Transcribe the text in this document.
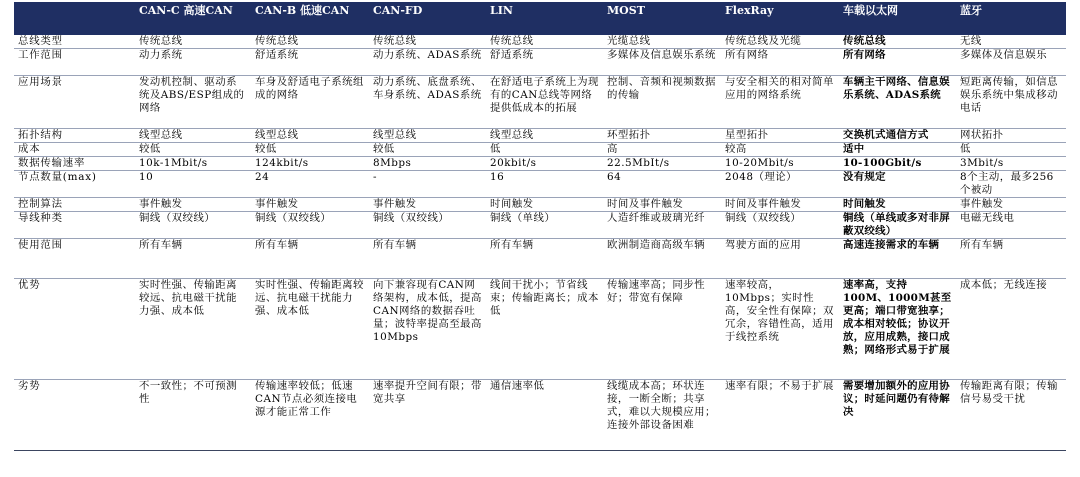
	CAN-C 高速CAN	CAN-B 低速CAN	CAN-FD	LIN	MOST	FlexRay	车载以太网	蓝牙
总线类型	传统总线	传统总线	传统总线	传统总线	光缆总线	传统总线及光缆	传统总线	无线
工作范围	动力系统	舒适系统	动力系统、ADAS系统	舒适系统	多媒体及信息娱乐系统	所有网络	所有网络	多媒体及信息娱乐
应用场景	发动机控制、驱动系统及ABS/ESP组成的网络	车身及舒适电子系统组成的网络	动力系统、底盘系统、车身系统、ADAS系统	在舒适电子系统上为现有的CAN总线等网络提供低成本的拓展	控制、音频和视频数据的传输	与安全相关的相对简单应用的网络系统	车辆主干网络、信息娱乐系统、ADAS系统	短距离传输，如信息娱乐系统中集成移动电话
拓扑结构	线型总线	线型总线	线型总线	线型总线	环型拓扑	星型拓扑	交换机式通信方式	网状拓扑
成本	较低	较低	较低	低	高	较高	适中	低
数据传输速率	10k-1Mbit/s	124kbit/s	8Mbps	20kbit/s	22.5MbIt/s	10-20Mbit/s	10-100Gbit/s	3Mbit/s
节点数量(max)	10	24	-	16	64	2048（理论）	没有规定	8个主动，最多256个被动
控制算法	事件触发	事件触发	事件触发	时间触发	时间及事件触发	时间及事件触发	时间触发	事件触发
导线种类	铜线（双绞线）	铜线（双绞线）	铜线（双绞线）	铜线（单线）	人造纤维或玻璃光纤	铜线（双绞线）	铜线（单线或多对非屏蔽双绞线）	电磁无线电
使用范围	所有车辆	所有车辆	所有车辆	所有车辆	欧洲制造商高级车辆	驾驶方面的应用	高速连接需求的车辆	所有车辆
优势	实时性强、传输距离较远、抗电磁干扰能力强、成本低	实时性强、传输距离较远、抗电磁干扰能力强、成本低	向下兼容现有CAN网络架构，成本低，提高CAN网络的数据吞吐量；波特率提高至最高10Mbps	线间干扰小；节省线束；传输距离长；成本低	传输速率高；同步性好；带宽有保障	速率较高，10Mbps；实时性高，安全性有保障；双冗余，容错性高，适用于线控系统	速率高，支持100M、1000M甚至更高；端口带宽独享；成本相对较低；协议开放，应用成熟，接口成熟；网络形式易于扩展	成本低；无线连接
劣势	不一致性；不可预测性	传输速率较低；低速CAN节点必须连接电源才能正常工作	速率提升空间有限；带宽共享	通信速率低	线缆成本高；环状连接，一断全断；共享式，难以大规模应用；连接外部设备困难	速率有限；不易于扩展	需要增加额外的应用协议；时延问题仍有待解决	传输距离有限；传输信号易受干扰
